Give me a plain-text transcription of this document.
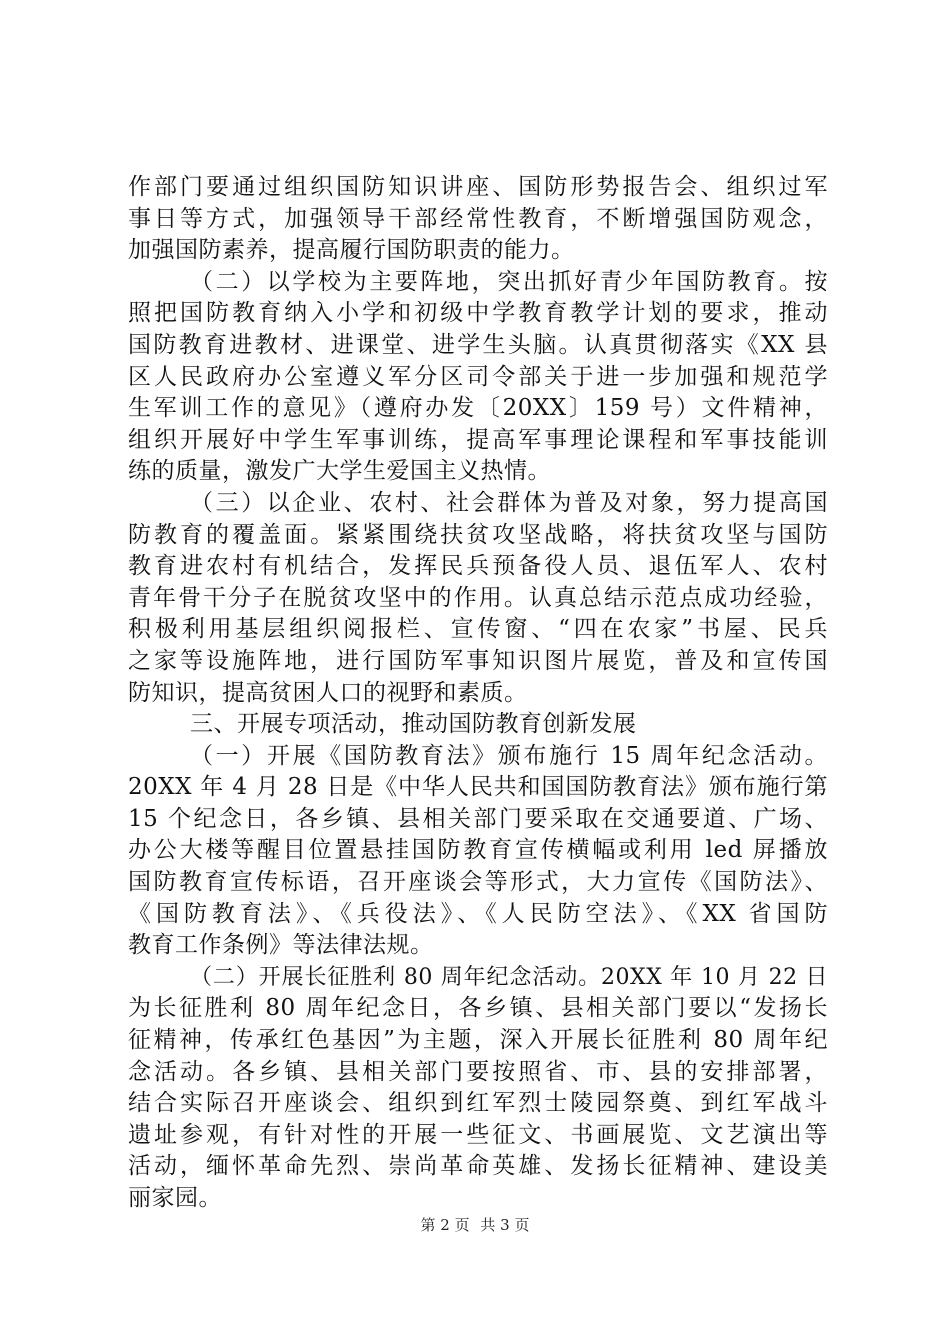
作部门要通过组织国防知识讲座、国防形势报告会、组织过军
事日等方式，加强领导干部经常性教育，不断增强国防观念，
加强国防素养，提高履行国防职责的能力。
（二）以学校为主要阵地，突出抓好青少年国防教育。按
照把国防教育纳入小学和初级中学教育教学计划的要求，推动
国防教育进教材、进课堂、进学生头脑。认真贯彻落实《XX 县
区人民政府办公室遵义军分区司令部关于进一步加强和规范学
生军训工作的意见》（遵府办发〔20XX〕159 号）文件精神，
组织开展好中学生军事训练，提高军事理论课程和军事技能训
练的质量，激发广大学生爱国主义热情。
（三）以企业、农村、社会群体为普及对象，努力提高国
防教育的覆盖面。紧紧围绕扶贫攻坚战略，将扶贫攻坚与国防
教育进农村有机结合，发挥民兵预备役人员、退伍军人、农村
青年骨干分子在脱贫攻坚中的作用。认真总结示范点成功经验，
积极利用基层组织阅报栏、宣传窗、“四在农家”书屋、民兵
之家等设施阵地，进行国防军事知识图片展览，普及和宣传国
防知识，提高贫困人口的视野和素质。
三、开展专项活动，推动国防教育创新发展
（一）开展《国防教育法》颁布施行 15 周年纪念活动。
20XX 年 4 月 28 日是《中华人民共和国国防教育法》颁布施行第
15 个纪念日，各乡镇、县相关部门要采取在交通要道、广场、
办公大楼等醒目位置悬挂国防教育宣传横幅或利用 led 屏播放
国防教育宣传标语，召开座谈会等形式，大力宣传《国防法》、
《国防教育法》、《兵役法》、《人民防空法》、《XX 省国防
教育工作条例》等法律法规。
（二）开展长征胜利 80 周年纪念活动。20XX 年 10 月 22 日
为长征胜利 80 周年纪念日，各乡镇、县相关部门要以“发扬长
征精神，传承红色基因”为主题，深入开展长征胜利 80 周年纪
念活动。各乡镇、县相关部门要按照省、市、县的安排部署，
结合实际召开座谈会、组织到红军烈士陵园祭奠、到红军战斗
遗址参观，有针对性的开展一些征文、书画展览、文艺演出等
活动，缅怀革命先烈、崇尚革命英雄、发扬长征精神、建设美
丽家园。
第 2 页 共 3 页
